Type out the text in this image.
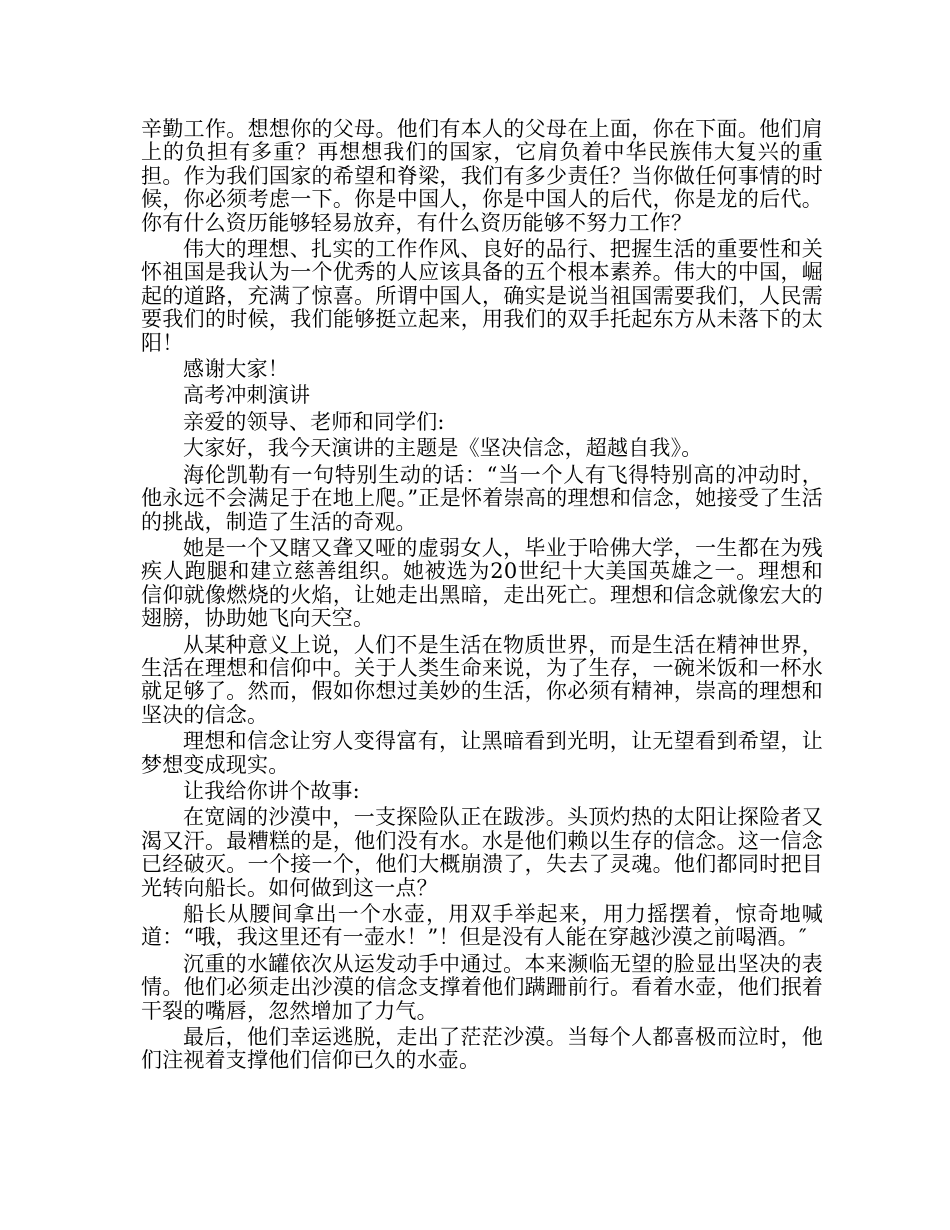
辛勤工作。想想你的父母。他们有本人的父母在上面，你在下面。他们肩上的负担有多重？再想想我们的国家，它肩负着中华民族伟大复兴的重担。作为我们国家的希望和脊梁，我们有多少责任？当你做任何事情的时候，你必须考虑一下。你是中国人，你是中国人的后代，你是龙的后代。你有什么资历能够轻易放弃，有什么资历能够不努力工作？

伟大的理想、扎实的工作作风、良好的品行、把握生活的重要性和关怀祖国是我认为一个优秀的人应该具备的五个根本素养。伟大的中国，崛起的道路，充满了惊喜。所谓中国人，确实是说当祖国需要我们，人民需要我们的时候，我们能够挺立起来，用我们的双手托起东方从未落下的太阳！

感谢大家！

高考冲刺演讲

亲爱的领导、老师和同学们:

大家好，我今天演讲的主题是《坚决信念，超越自我》。

海伦凯勒有一句特别生动的话：“当一个人有飞得特别高的冲动时，他永远不会满足于在地上爬。”正是怀着崇高的理想和信念，她接受了生活的挑战，制造了生活的奇观。

她是一个又瞎又聋又哑的虚弱女人，毕业于哈佛大学，一生都在为残疾人跑腿和建立慈善组织。她被选为20世纪十大美国英雄之一。理想和信仰就像燃烧的火焰，让她走出黑暗，走出死亡。理想和信念就像宏大的翅膀，协助她飞向天空。

从某种意义上说，人们不是生活在物质世界，而是生活在精神世界，生活在理想和信仰中。关于人类生命来说，为了生存，一碗米饭和一杯水就足够了。然而，假如你想过美妙的生活，你必须有精神，崇高的理想和坚决的信念。

理想和信念让穷人变得富有，让黑暗看到光明，让无望看到希望，让梦想变成现实。

让我给你讲个故事:

在宽阔的沙漠中，一支探险队正在跋涉。头顶灼热的太阳让探险者又渴又汗。最糟糕的是，他们没有水。水是他们赖以生存的信念。这一信念已经破灭。一个接一个，他们大概崩溃了，失去了灵魂。他们都同时把目光转向船长。如何做到这一点？

船长从腰间拿出一个水壶，用双手举起来，用力摇摆着，惊奇地喊道：“哦，我这里还有一壶水！”！但是没有人能在穿越沙漠之前喝酒。″

沉重的水罐依次从运发动手中通过。本来濒临无望的脸显出坚决的表情。他们必须走出沙漠的信念支撑着他们蹒跚前行。看着水壶，他们抿着干裂的嘴唇，忽然增加了力气。

最后，他们幸运逃脱，走出了茫茫沙漠。当每个人都喜极而泣时，他们注视着支撑他们信仰已久的水壶。
